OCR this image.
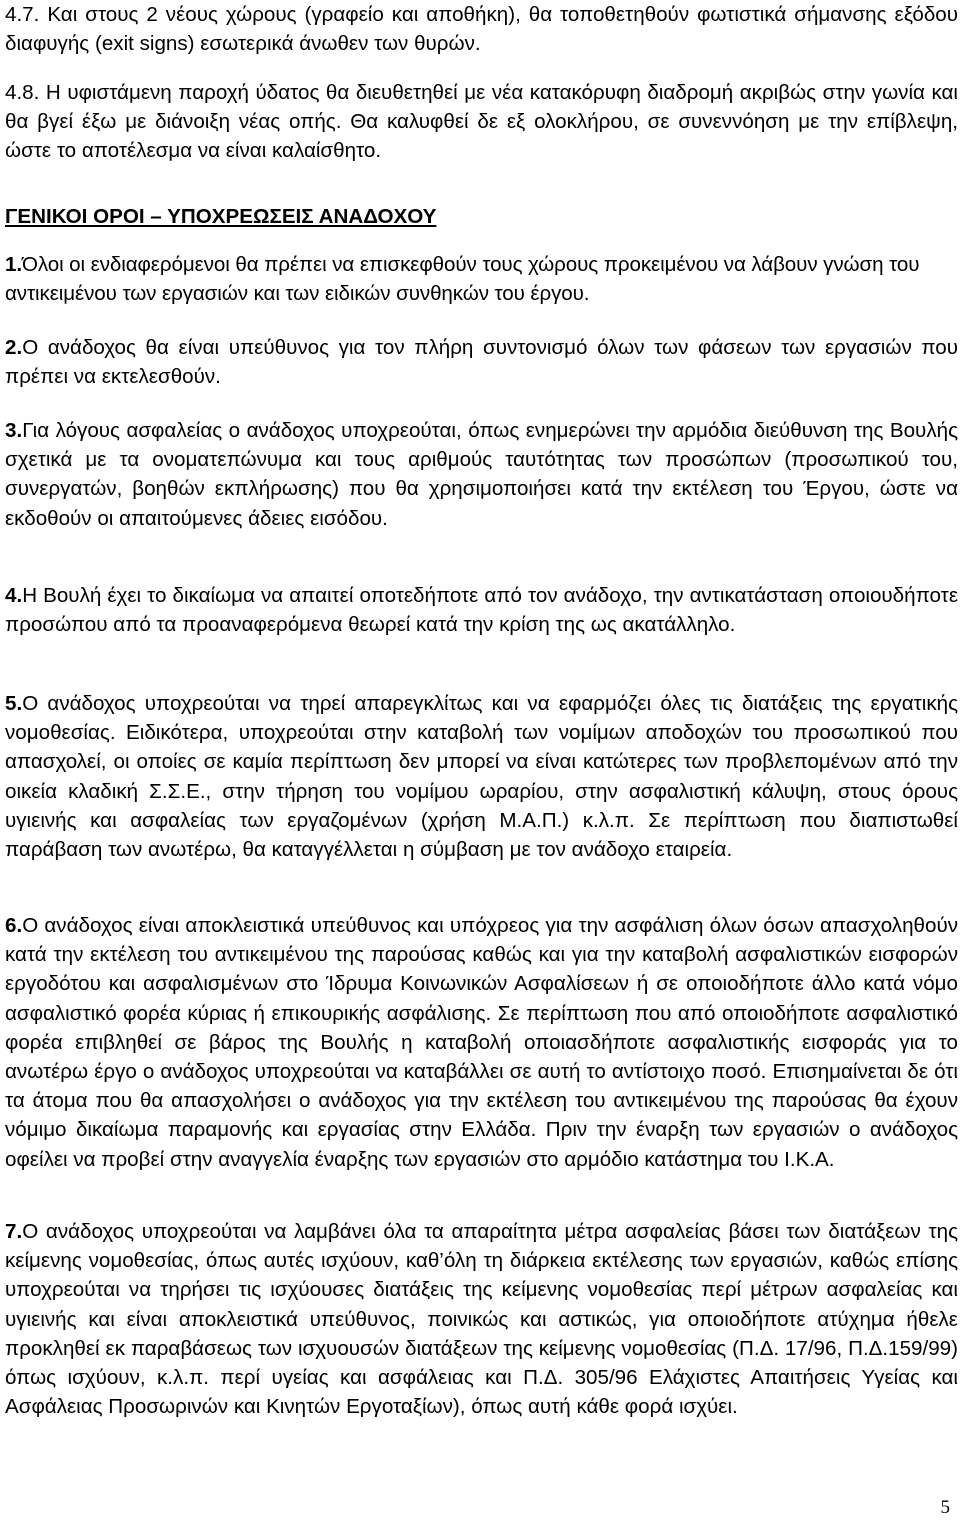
4.7. Και στους 2 νέους χώρους (γραφείο και αποθήκη), θα τοποθετηθούν φωτιστικά σήμανσης εξόδου διαφυγής (exit signs) εσωτερικά άνωθεν των θυρών.

4.8. Η υφιστάμενη παροχή ύδατος θα διευθετηθεί με νέα κατακόρυφη διαδρομή ακριβώς στην γωνία και θα βγεί έξω με διάνοιξη νέας οπής. Θα καλυφθεί δε εξ ολοκλήρου, σε συνεννόηση με την επίβλεψη, ώστε το αποτέλεσμα να είναι καλαίσθητο.

ΓΕΝΙΚΟΙ ΟΡΟΙ – ΥΠΟΧΡΕΩΣΕΙΣ ΑΝΑΔΟΧΟΥ

1.Όλοι οι ενδιαφερόμενοι θα πρέπει να επισκεφθούν τους χώρους προκειμένου να λάβουν γνώση του αντικειμένου των εργασιών και των ειδικών συνθηκών του έργου.

2.Ο ανάδοχος θα είναι υπεύθυνος για τον πλήρη συντονισμό όλων των φάσεων των εργασιών που πρέπει να εκτελεσθούν.

3.Για λόγους ασφαλείας ο ανάδοχος υποχρεούται, όπως ενημερώνει την αρμόδια διεύθυνση της Βουλής σχετικά με τα ονοματεπώνυμα και τους αριθμούς ταυτότητας των προσώπων (προσωπικού του, συνεργατών, βοηθών εκπλήρωσης) που θα χρησιμοποιήσει κατά την εκτέλεση του Έργου, ώστε να εκδοθούν οι απαιτούμενες άδειες εισόδου.

4.Η Βουλή έχει το δικαίωμα να απαιτεί οποτεδήποτε από τον ανάδοχο, την αντικατάσταση οποιουδήποτε προσώπου από τα προαναφερόμενα θεωρεί κατά την κρίση της ως ακατάλληλο.

5.Ο ανάδοχος υποχρεούται να τηρεί απαρεγκλίτως και να εφαρμόζει όλες τις διατάξεις της εργατικής νομοθεσίας. Ειδικότερα, υποχρεούται στην καταβολή των νομίμων αποδοχών του προσωπικού που απασχολεί, οι οποίες σε καμία περίπτωση δεν μπορεί να είναι κατώτερες των προβλεπομένων από την οικεία κλαδική Σ.Σ.Ε., στην τήρηση του νομίμου ωραρίου, στην ασφαλιστική κάλυψη, στους όρους υγιεινής και ασφαλείας των εργαζομένων (χρήση Μ.Α.Π.) κ.λ.π. Σε περίπτωση που διαπιστωθεί παράβαση των ανωτέρω, θα καταγγέλλεται η σύμβαση με τον ανάδοχο εταιρεία.

6.Ο ανάδοχος είναι αποκλειστικά υπεύθυνος και υπόχρεος για την ασφάλιση όλων όσων απασχοληθούν κατά την εκτέλεση του αντικειμένου της παρούσας καθώς και για την καταβολή ασφαλιστικών εισφορών εργοδότου και ασφαλισμένων στο Ίδρυμα Κοινωνικών Ασφαλίσεων ή σε οποιοδήποτε άλλο κατά νόμο ασφαλιστικό φορέα κύριας ή επικουρικής ασφάλισης. Σε περίπτωση που από οποιοδήποτε ασφαλιστικό φορέα επιβληθεί σε βάρος της Βουλής η καταβολή οποιασδήποτε ασφαλιστικής εισφοράς για το ανωτέρω έργο ο ανάδοχος υποχρεούται να καταβάλλει σε αυτή το αντίστοιχο ποσό. Επισημαίνεται δε ότι τα άτομα που θα απασχολήσει ο ανάδοχος για την εκτέλεση του αντικειμένου της παρούσας θα έχουν νόμιμο δικαίωμα παραμονής και εργασίας στην Ελλάδα. Πριν την έναρξη των εργασιών ο ανάδοχος οφείλει να προβεί στην αναγγελία έναρξης των εργασιών στο αρμόδιο κατάστημα του Ι.Κ.Α.

7.Ο ανάδοχος υποχρεούται να λαμβάνει όλα τα απαραίτητα μέτρα ασφαλείας βάσει των διατάξεων της κείμενης νομοθεσίας, όπως αυτές ισχύουν, καθ’όλη τη διάρκεια εκτέλεσης των εργασιών, καθώς επίσης υποχρεούται να τηρήσει τις ισχύουσες διατάξεις της κείμενης νομοθεσίας περί μέτρων ασφαλείας και υγιεινής και είναι αποκλειστικά υπεύθυνος, ποινικώς και αστικώς, για οποιοδήποτε ατύχημα ήθελε προκληθεί εκ παραβάσεως των ισχυουσών διατάξεων της κείμενης νομοθεσίας (Π.Δ. 17/96, Π.Δ.159/99) όπως ισχύουν, κ.λ.π. περί υγείας και ασφάλειας και Π.Δ. 305/96 Ελάχιστες Απαιτήσεις Υγείας και Ασφάλειας Προσωρινών και Κινητών Εργοταξίων), όπως αυτή κάθε φορά ισχύει.

5
